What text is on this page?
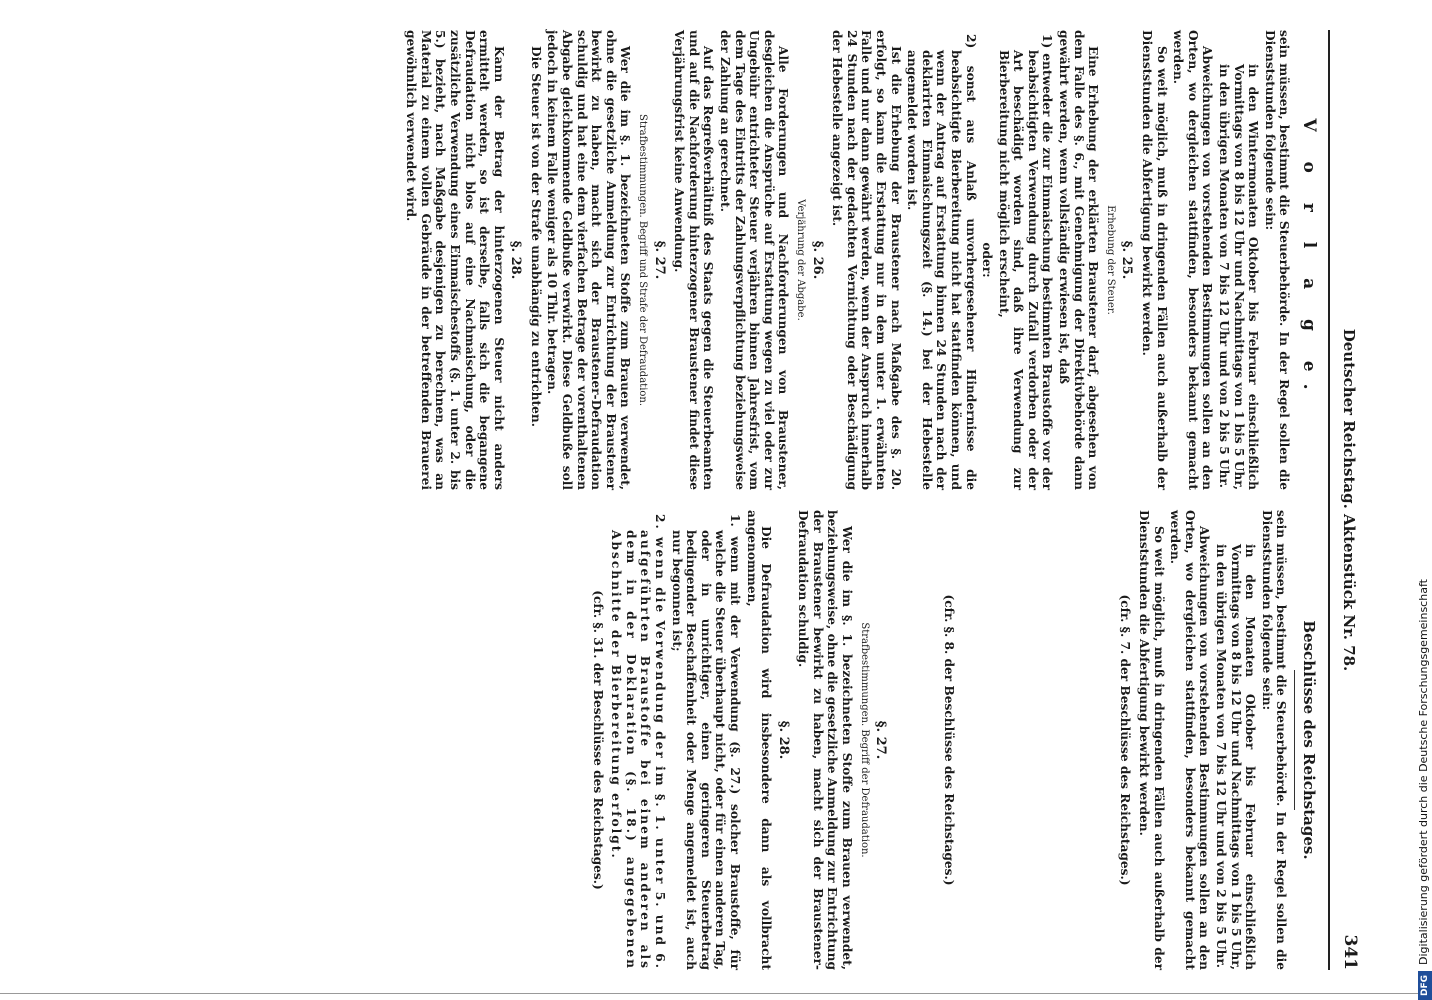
Deutscher Reichstag. Aktenstück Nr. 78.
341

V o r l a g e.

sein müssen, bestimmt die Steuerbehörde. In der Regel sollen die Dienststunden folgende sein:

in den Wintermonaten Oktober bis Februar einschließlich Vormittags von 8 bis 12 Uhr und Nachmittags von 1 bis 5 Uhr, in den übrigen Monaten von 7 bis 12 Uhr und von 2 bis 5 Uhr.

Abweichungen von vorstehenden Bestimmungen sollen an den Orten, wo dergleichen stattfinden, besonders bekannt gemacht werden.

So weit möglich, muß in dringenden Fällen auch außerhalb der Dienststunden die Abfertigung bewirkt werden.

§. 25.

Erhebung der Steuer.

Eine Erhebung der erklärten Braustener darf, abgesehen von dem Falle des §. 6., mit Genehmigung der Direktivbehörde dann gewährt werden, wenn vollständig erwiesen ist, daß

1) entweder die zur Einmaischung bestimmten Braustoffe vor der beabsichtigten Verwendung durch Zufall verdorben oder der Art beschädigt worden sind, daß ihre Verwendung zur Bierbereitung nicht möglich erscheint,

oder:

2) sonst aus Anlaß unvorhergesehener Hindernisse die beabsichtigte Bierbereitung nicht hat stattfinden können, und wenn der Antrag auf Erstattung binnen 24 Stunden nach der deklarirten Einmaischungszeit (§. 14.) bei der Hebestelle angemeldet worden ist.

Ist die Erhebung der Braustener nach Maßgabe des §. 20. erfolgt, so kann die Erstattung nur in dem unter 1. erwähnten Falle und nur dann gewährt werden, wenn der Anspruch innerhalb 24 Stunden nach der gedachten Vernichtung oder Beschädigung der Hebestelle angezeigt ist.

§. 26.

Verjährung der Abgabe.

Alle Forderungen und Nachforderungen von Braustener, desgleichen die Ansprüche auf Erstattung wegen zu viel oder zur Ungebühr entrichteter Steuer verjähren binnen Jahresfrist, vom dem Tage des Eintritts der Zahlungsverpflichtung beziehungsweise der Zahlung an gerechnet.

Auf das Regreßverhältniß des Staats gegen die Steuerbeamten und auf die Nachforderung hinterzogener Braustener findet diese Verjährungsfrist keine Anwendung.

§. 27.

Strafbestimmungen. Begriff und Strafe der Defraudation.

Wer die im §. 1. bezeichneten Stoffe zum Brauen verwendet, ohne die gesetzliche Anmeldung zur Entrichtung der Braustener bewirkt zu haben, macht sich der Braustener-Defraudation schuldig und hat eine dem vierfachen Betrage der vorenthaltenen Abgabe gleichkommende Geldbuße verwirkt. Diese Geldbuße soll jedoch in keinem Falle weniger als 10 Thlr. betragen.

Die Steuer ist von der Strafe unabhängig zu entrichten.

§. 28.

Kann der Betrag der hinterzogenen Steuer nicht anders ermittelt werden, so ist derselbe, falls sich die begangene Defraudation nicht blos auf eine Nachmaischung, oder die zusätzliche Verwendung eines Einmaischestoffs (§. 1. unter 2. bis 5.) bezieht, nach Maßgabe desjenigen zu berechnen, was an Material zu einem vollen Gebräude in der betreffenden Brauerei gewöhnlich verwendet wird.

Beschlüsse des Reichstages.

sein müssen, bestimmt die Steuerbehörde. In der Regel sollen die Dienststunden folgende sein:

in den Monaten Oktober bis Februar einschließlich Vormittags von 8 bis 12 Uhr und Nachmittags von 1 bis 5 Uhr, in den übrigen Monaten von 7 bis 12 Uhr und von 2 bis 5 Uhr.

Abweichungen von vorstehenden Bestimmungen sollen an den Orten, wo dergleichen stattfinden, besonders bekannt gemacht werden.

So weit möglich, muß in dringenden Fällen auch außerhalb der Dienststunden die Abfertigung bewirkt werden.

(cfr. §. 7. der Beschlüsse des Reichstages.)

(cfr. §. 8. der Beschlüsse des Reichstages.)

§. 27.

Strafbestimmungen. Begriff der Defraudation.

Wer die im §. 1. bezeichneten Stoffe zum Brauen verwendet, beziehungsweise, ohne die gesetzliche Anmeldung zur Entrichtung der Braustener bewirkt zu haben, macht sich der Braustener-Defraudation schuldig.

§. 28.

Die Defraudation wird insbesondere dann als vollbracht angenommen,

1. wenn mit der Verwendung (§. 27.) solcher Braustoffe, für welche die Steuer überhaupt nicht, oder für einen anderen Tag, oder in unrichtiger, einen geringeren Steuerbetrag bedingender Beschaffenheit oder Menge angemeldet ist, auch nur begonnen ist;

2. wenn die Verwendung der im §. 1. unter 5. und 6. aufgeführten Braustoffe bei einem anderen als dem in der Deklaration (§. 18.) angegebenen Abschnitte der Bierbereitung erfolgt.

(cfr. §. 31. der Beschlüsse des Reichstages.)

DFGDigitalisierung gefördert durch die Deutsche Forschungsgemeinschaft
